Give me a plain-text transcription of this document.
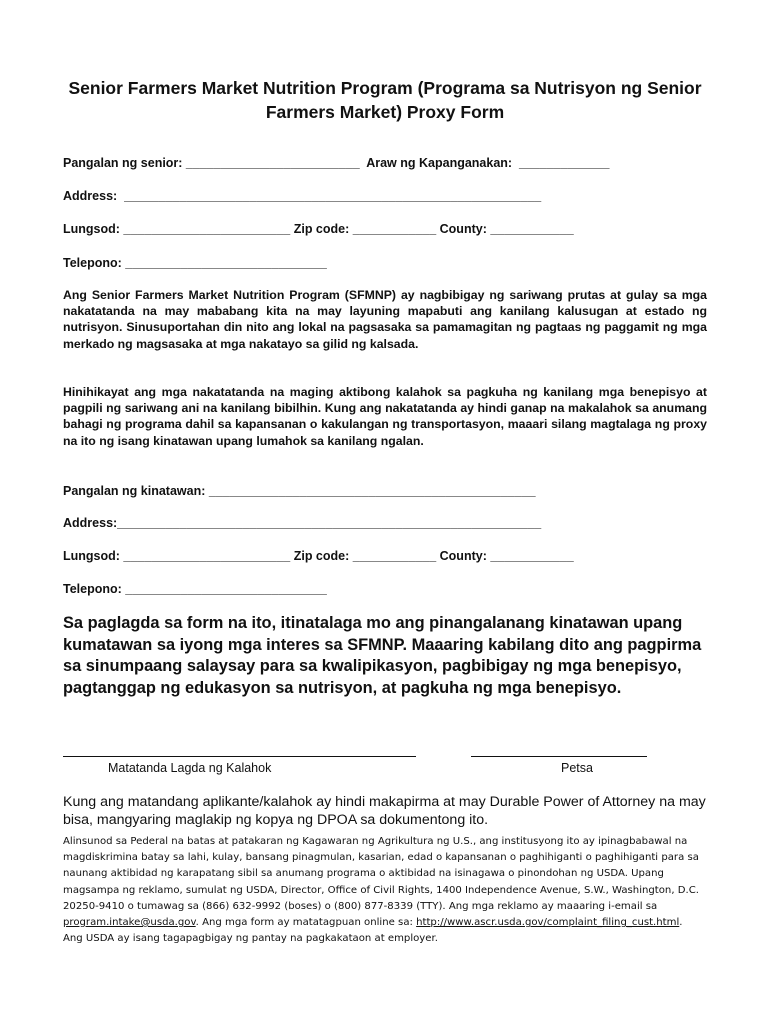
Senior Farmers Market Nutrition Program (Programa sa Nutrisyon ng Senior Farmers Market) Proxy Form

Pangalan ng senior: _________________________  Araw ng Kapanganakan:  _____________

Address:  ____________________________________________________________

Lungsod: ________________________ Zip code: ____________ County: ____________

Telepono: _____________________________

Ang Senior Farmers Market Nutrition Program (SFMNP) ay nagbibigay ng sariwang prutas at gulay sa mga nakatatanda na may mababang kita na may layuning mapabuti ang kanilang kalusugan at estado ng nutrisyon. Sinusuportahan din nito ang lokal na pagsasaka sa pamamagitan ng pagtaas ng paggamit ng mga merkado ng magsasaka at mga nakatayo sa gilid ng kalsada.

Hinihikayat ang mga nakatatanda na maging aktibong kalahok sa pagkuha ng kanilang mga benepisyo at pagpili ng sariwang ani na kanilang bibilhin. Kung ang nakatatanda ay hindi ganap na makalahok sa anumang bahagi ng programa dahil sa kapansanan o kakulangan ng transportasyon, maaari silang magtalaga ng proxy na ito ng isang kinatawan upang lumahok sa kanilang ngalan.

Pangalan ng kinatawan: _______________________________________________

Address:_____________________________________________________________

Lungsod: ________________________ Zip code: ____________ County: ____________

Telepono: _____________________________

Sa paglagda sa form na ito, itinatalaga mo ang pinangalanang kinatawan upang kumatawan sa iyong mga interes sa SFMNP. Maaaring kabilang dito ang pagpirma sa sinumpaang salaysay para sa kwalipikasyon, pagbibigay ng mga benepisyo, pagtanggap ng edukasyon sa nutrisyon, at pagkuha ng mga benepisyo.

Matatanda Lagda ng Kalahok	Petsa

Kung ang matandang aplikante/kalahok ay hindi makapirma at may Durable Power of Attorney na may bisa, mangyaring maglakip ng kopya ng DPOA sa dokumentong ito.

Alinsunod sa Pederal na batas at patakaran ng Kagawaran ng Agrikultura ng U.S., ang institusyong ito ay ipinagbabawal na magdiskrimina batay sa lahi, kulay, bansang pinagmulan, kasarian, edad o kapansanan o paghihiganti o paghihiganti para sa naunang aktibidad ng karapatang sibil sa anumang programa o aktibidad na isinagawa o pinondohan ng USDA. Upang magsampa ng reklamo, sumulat ng USDA, Director, Office of Civil Rights, 1400 Independence Avenue, S.W., Washington, D.C. 20250-9410 o tumawag sa (866) 632-9992 (boses) o (800) 877-8339 (TTY). Ang mga reklamo ay maaaring i-email sa program.intake@usda.gov. Ang mga form ay matatagpuan online sa: http://www.ascr.usda.gov/complaint_filing_cust.html. Ang USDA ay isang tagapagbigay ng pantay na pagkakataon at employer.
